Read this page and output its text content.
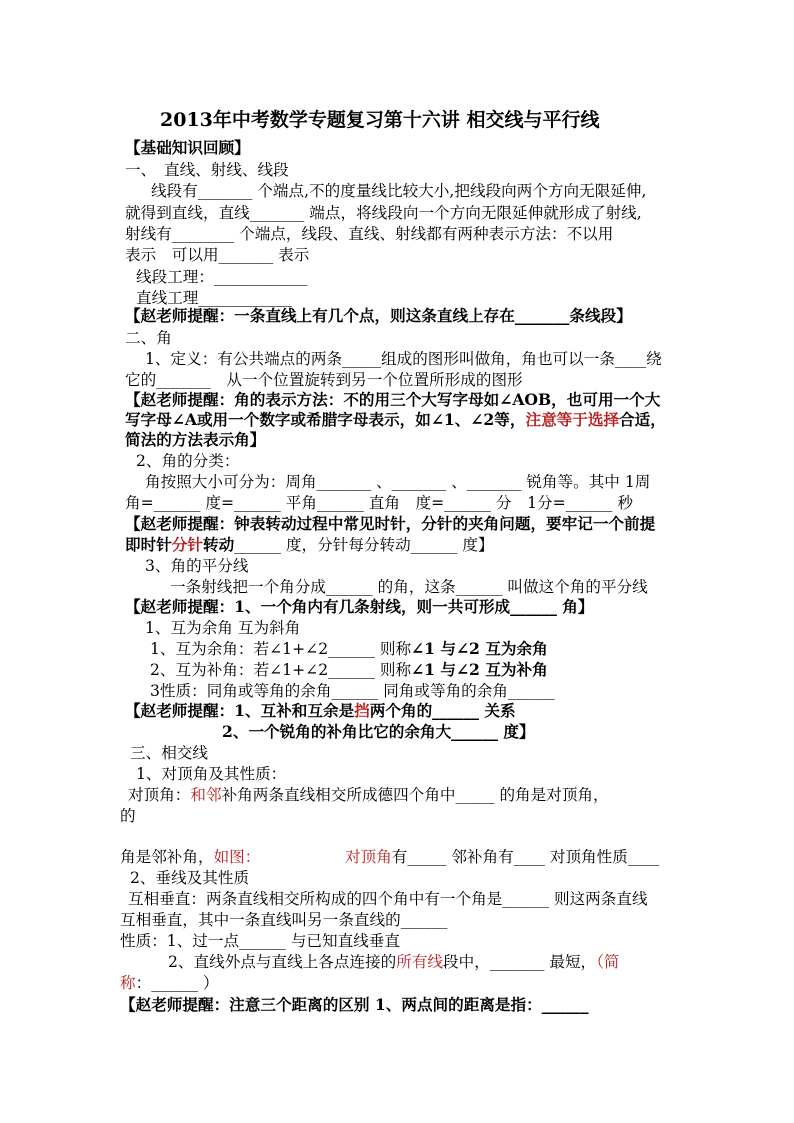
2013年中考数学专题复习第十六讲 相交线与平行线
【基础知识回顾】
一、　直线、射线、线段
线段有_______ 个端点,不的度量线比较大小,把线段向两个方向无限延伸,
就得到直线，直线_______ 端点，将线段向一个方向无限延伸就形成了射线,
射线有________ 个端点，线段、直线、射线都有两种表示方法：不以用
表示　可以用_______ 表示
线段工理：____________
直线工理____________
【赵老师提醒：一条直线上有几个点，则这条直线上存在_______条线段】
二、角
1、定义：有公共端点的两条_____组成的图形叫做角，角也可以一条____绕
它的_______　从一个位置旋转到另一个位置所形成的图形
【赵老师提醒：角的表示方法：不的用三个大写字母如∠AOB，也可用一个大
写字母∠A或用一个数字或希腊字母表示，如∠1、∠2等，注意等于选择合适，
简法的方法表示角】
2、角的分类：
角按照大小可分为：周角_______ 、_______ 、_______ 锐角等。其中 1周
角=______ 度=______ 平角______ 直角　度=______ 分　1分=______ 秒
【赵老师提醒：钟表转动过程中常见时针，分针的夹角问题，要牢记一个前提
即时针分针转动______ 度，分针每分转动______ 度】
3、角的平分线
一条射线把一个角分成______ 的角，这条______ 叫做这个角的平分线
【赵老师提醒：1、一个角内有几条射线，则一共可形成______ 角】
1、互为余角 互为斜角
1、互为余角：若∠1+∠2______ 则称∠1 与∠2 互为余角
2、互为补角：若∠1+∠2______ 则称∠1 与∠2 互为补角
3性质：同角或等角的余角______ 同角或等角的余角______
【赵老师提醒：1、互补和互余是挡两个角的______ 关系
2、一个锐角的补角比它的余角大______ 度】
三、相交线
1、对顶角及其性质：
对顶角：和邻补角两条直线相交所成德四个角中_____ 的角是对顶角，
的
角是邻补角，如图：	对顶角有_____ 邻补角有____ 对顶角性质____
2、垂线及其性质
互相垂直：两条直线相交所构成的四个角中有一个角是______ 则这两条直线
互相垂直，其中一条直线叫另一条直线的______
性质：1、过一点______ 与已知直线垂直
2、直线外点与直线上各点连接的所有线段中，_______ 最短，（简
称：______ ）
【赵老师提醒：注意三个距离的区别 1、两点间的距离是指：______
